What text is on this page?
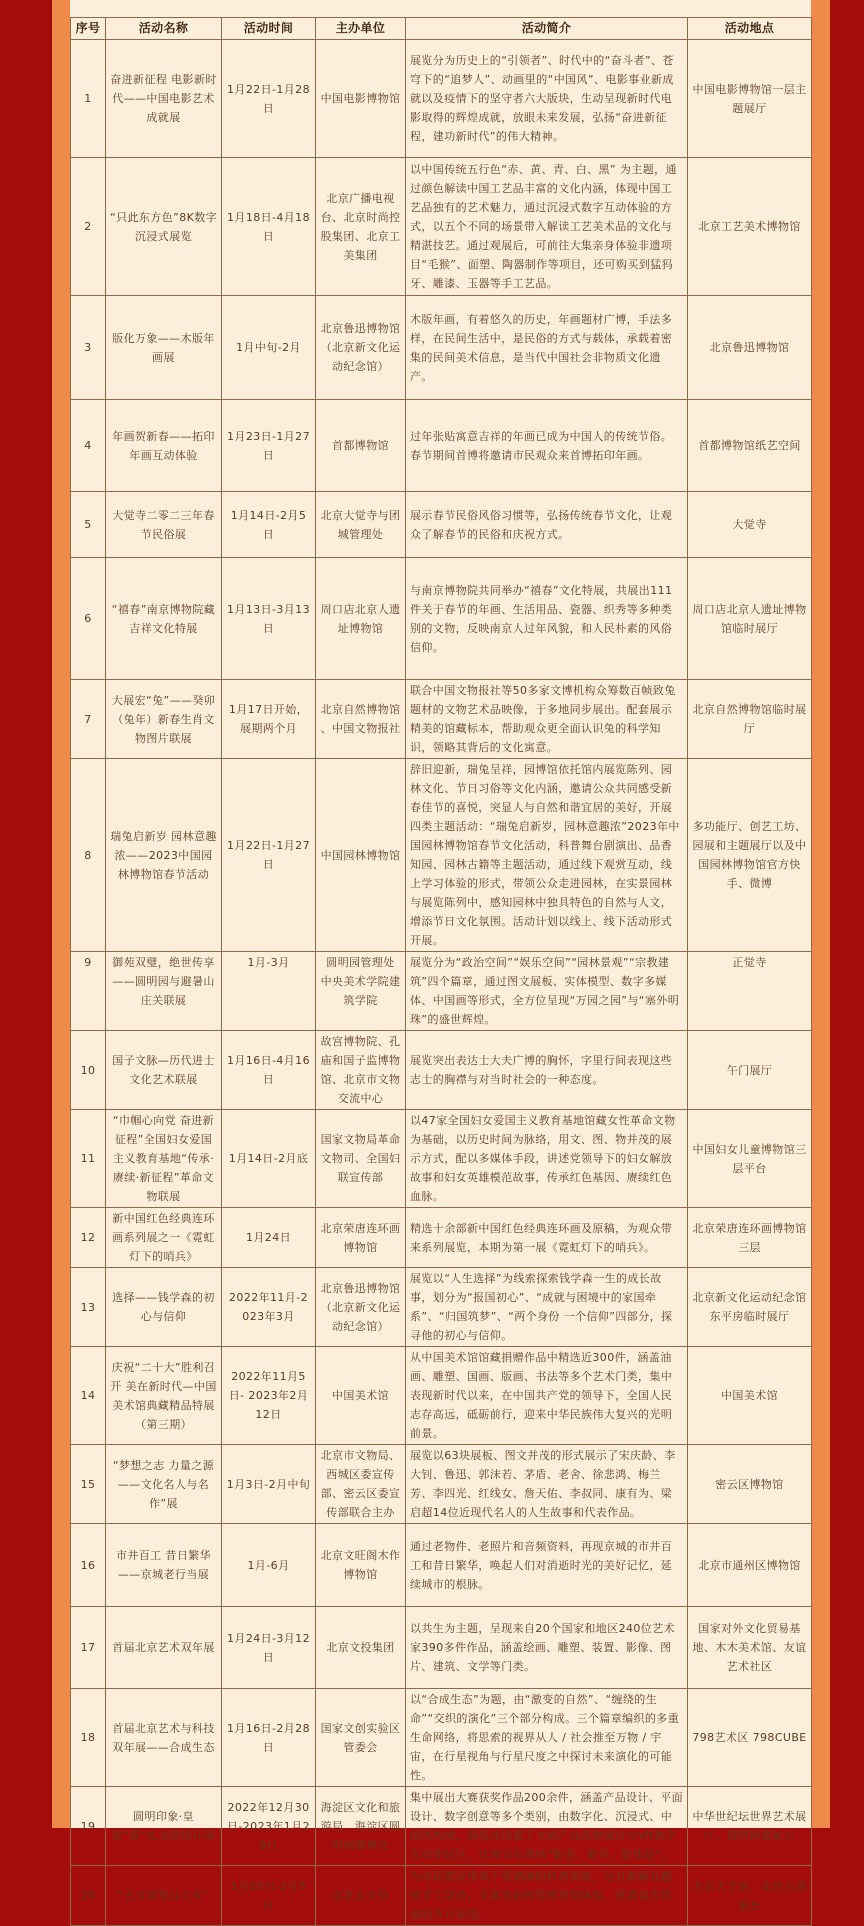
序号	活动名称	活动时间	主办单位	活动简介	活动地点
1	奋进新征程 电影新时代——中国电影艺术成就展	1月22日-1月28日	中国电影博物馆	展览分为历史上的“引领者”、时代中的“奋斗者”、苍穹下的“追梦人”、动画里的“中国风”、电影事业新成就以及疫情下的坚守者六大版块，生动呈现新时代电影取得的辉煌成就，放眼未来发展，弘扬“奋进新征程，建功新时代”的伟大精神。	中国电影博物馆一层主题展厅
2	“只此东方色”8K数字沉浸式展览	1月18日-4月18日	北京广播电视台、北京时尚控股集团、北京工美集团	以中国传统五行色“赤、黄、青、白、黑” 为主题，通过颜色解读中国工艺品丰富的文化内涵，体现中国工艺品独有的艺术魅力，通过沉浸式数字互动体验的方式，以五个不同的场景带入解读工艺美术品的文化与精湛技艺。通过观展后，可前往大集亲身体验非遗项目“毛猴”、面塑、陶器制作等项目，还可购买到猛犸牙、雕漆、玉器等手工艺品。	北京工艺美术博物馆
3	版化万象——木版年画展	1月中旬-2月	北京鲁迅博物馆（北京新文化运动纪念馆）	木版年画，有着悠久的历史，年画题材广博，手法多样，在民间生活中，是民俗的方式与载体，承载着密集的民间美术信息，是当代中国社会非物质文化遗产。	北京鲁迅博物馆
4	年画贺新春——拓印年画互动体验	1月23日-1月27日	首都博物馆	过年张贴寓意吉祥的年画已成为中国人的传统节俗。春节期间首博将邀请市民观众来首博拓印年画。	首都博物馆纸艺空间
5	大觉寺二零二三年春节民俗展	1月14日-2月5日	北京大觉寺与团城管理处	展示春节民俗风俗习惯等，弘扬传统春节文化，让观众了解春节的民俗和庆祝方式。	大觉寺
6	“禧春”南京博物院藏吉祥文化特展	1月13日-3月13日	周口店北京人遗址博物馆	与南京博物院共同举办“禧春”文化特展，共展出111件关于春节的年画、生活用品、瓷器、织秀等多种类别的文物，反映南京人过年风貌，和人民朴素的风俗信仰。	周口店北京人遗址博物馆临时展厅
7	大展宏“兔”——癸卯（兔年）新春生肖文物图片联展	1月17日开始，展期两个月	北京自然博物馆 、中国文物报社	联合中国文物报社等50多家文博机构众筹数百帧致兔题材的文物艺术品映像，于多地同步展出。配套展示精美的馆藏标本，帮助观众更全面认识兔的科学知识，领略其背后的文化寓意。	北京自然博物馆临时展厅
8	瑞兔启新岁 园林意趣浓——2023中国园林博物馆春节活动	1月22日-1月27日	中国园林博物馆	辞旧迎新，瑞兔呈祥，园博馆依托馆内展览陈列、园林文化、节日习俗等文化内涵，邀请公众共同感受新春佳节的喜悦，突显人与自然和谐宜居的美好，开展四类主题活动：“瑞兔启新岁，园林意趣浓”2023年中国园林博物馆春节文化活动，科普舞台剧演出、品香知园、园林古籍等主题活动，通过线下观赏互动，线上学习体验的形式，带领公众走进园林，在实景园林与展览陈列中，感知园林中独具特色的自然与人文，增添节日文化氛围。活动计划以线上、线下活动形式开展。	多功能厅、创艺工坊、园展和主题展厅以及中国园林博物馆官方快手、微博
9	御苑双璧，绝世传享——圆明园与避暑山庄关联展	1月-3月	圆明园管理处 中央美术学院建筑学院	展览分为“政治空间”“娱乐空间”“园林景观”“宗教建筑”四个篇章，通过图文展板、实体模型、数字多媒体、中国画等形式，全方位呈现“万园之园”与“塞外明珠”的盛世辉煌。	正觉寺
10	国子文脉—历代进士文化艺术联展	1月16日-4月16日	故宫博物院、孔庙和国子监博物馆、北京市文物交流中心	展览突出表达士大夫广博的胸怀，字里行间表现这些志士的胸襟与对当时社会的一种态度。	午门展厅
11	“巾帼心向党 奋进新征程”全国妇女爱国主义教育基地“传承·赓续·新征程”革命文物联展	1月14日-2月底	国家文物局革命文物司、全国妇联宣传部	以47家全国妇女爱国主义教育基地馆藏女性革命文物为基础，以历史时间为脉络，用文、图、物并茂的展示方式，配以多媒体手段，讲述党领导下的妇女解放故事和妇女英雄模范故事，传承红色基因、赓续红色血脉。	中国妇女儿童博物馆三层平台
12	新中国红色经典连环画系列展之一《霓虹灯下的哨兵》	1月24日	北京荣唐连环画博物馆	精选十余部新中国红色经典连环画及原稿，为观众带来系列展览，本期为第一展《霓虹灯下的哨兵》。	北京荣唐连环画博物馆三层
13	选择——钱学森的初心与信仰	2022年11月-2023年3月	北京鲁迅博物馆（北京新文化运动纪念馆）	展览以“人生选择”为线索探索钱学森一生的成长故事，划分为“报国初心”、“成就与困境中的家国牵系”、“归国筑梦”、“两个身份 一个信仰”四部分，探寻他的初心与信仰。	北京新文化运动纪念馆东平房临时展厅
14	庆祝“二十大”胜利召开 美在新时代—中国美术馆典藏精品特展（第三期）	2022年11月5日- 2023年2月12日	中国美术馆	从中国美术馆馆藏捐赠作品中精选近300件，涵盖油画、雕塑、国画、版画、书法等多个艺术门类，集中表现新时代以来，在中国共产党的领导下，全国人民志存高远，砥砺前行，迎来中华民族伟大复兴的光明前景。	中国美术馆
15	“梦想之志 力量之源——文化名人与名作”展	1月3日-2月中旬	北京市文物局、西城区委宣传部、密云区委宣传部联合主办	展览以63块展板、图文并茂的形式展示了宋庆龄、李大钊、鲁迅、郭沫若、茅盾、老舍、徐悲鸿、梅兰芳、李四光、红线女、詹天佑、李叔同、康有为、梁启超14位近现代名人的人生故事和代表作品。	密云区博物馆
16	市井百工 昔日繁华——京城老行当展	1月-6月	北京文旺阁木作博物馆	通过老物件、老照片和音频资料，再现京城的市井百工和昔日繁华，唤起人们对消逝时光的美好记忆，延续城市的根脉。	北京市通州区博物馆
17	首届北京艺术双年展	1月24日-3月12日	北京文投集团	以共生为主题，呈现来自20个国家和地区240位艺术家390多件作品，涵盖绘画、雕塑、装置、影像、图片、建筑、文学等门类。	国家对外文化贸易基地、木木美术馆、友谊艺术社区
18	首届北京艺术与科技双年展——合成生态	1月16日-2月28日	国家文创实验区管委会	以“合成生态”为题，由“激变的自然”、“缠绕的生命”“交织的演化”三个部分构成。三个篇章编织的多重生命网络，将思索的视界从人 / 社会推至万物 / 宇宙，在行星视角与行星尺度之中探讨未来演化的可能性。	798艺术区 798CUBE
19	圆明印象·皇家“游”礼文创设计展	2022年12月30日-2023年1月28日	海淀区文化和旅游局、海淀区圆明园管理处	集中展出大赛获奖作品200余件，涵盖产品设计、平面设计、数字创意等多个类别，由数字化、沉浸式、中国风构成，展览还设置了文创产品实物展区与VR数字互动体验区，让观众在现场“能看、能买、能体验”。	中华世纪坛世界艺术展厅、圆明园遗址公
20	“天文馆里过大年”	1月20日-2月5日	北京天文馆	为市民群众带来干货满满的科普讲座，还有新颖有趣的手工活动，丰富多彩的传统民俗体验，营造喜庆热闹的节日氛围。	北京天文馆、北京古观象台
